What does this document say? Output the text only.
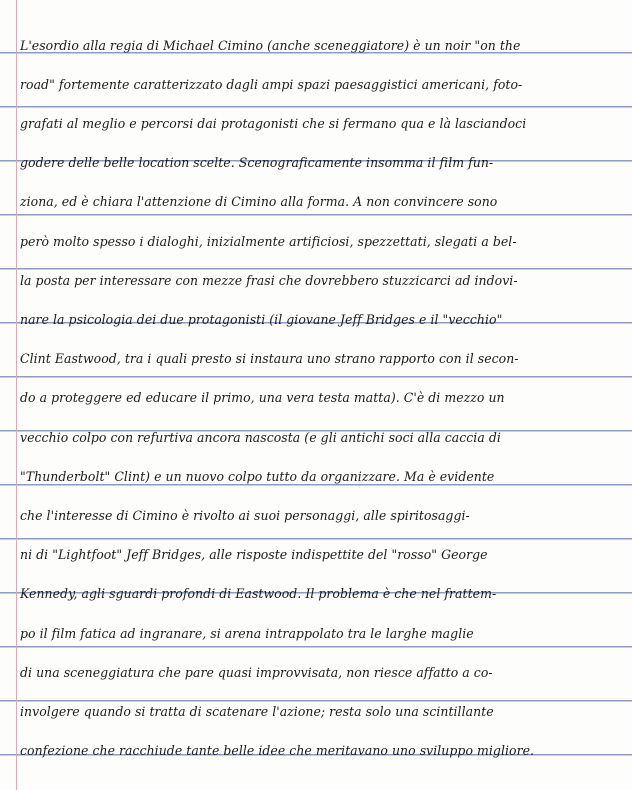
L'esordio alla regia di Michael Cimino (anche sceneggiatore) è un noir "on the
road" fortemente caratterizzato dagli ampi spazi paesaggistici americani, foto-
grafati al meglio e percorsi dai protagonisti che si fermano qua e là lasciandoci
godere delle belle location scelte. Scenograficamente insomma il film fun-
ziona, ed è chiara l'attenzione di Cimino alla forma. A non convincere sono
però molto spesso i dialoghi, inizialmente artificiosi, spezzettati, slegati a bel-
la posta per interessare con mezze frasi che dovrebbero stuzzicarci ad indovi-
nare la psicologia dei due protagonisti (il giovane Jeff Bridges e il "vecchio"
Clint Eastwood, tra i quali presto si instaura uno strano rapporto con il secon-
do a proteggere ed educare il primo, una vera testa matta). C'è di mezzo un
vecchio colpo con refurtiva ancora nascosta (e gli antichi soci alla caccia di
"Thunderbolt" Clint) e un nuovo colpo tutto da organizzare. Ma è evidente
che l'interesse di Cimino è rivolto ai suoi personaggi, alle spiritosaggi-
ni di "Lightfoot" Jeff Bridges, alle risposte indispettite del "rosso" George
Kennedy, agli sguardi profondi di Eastwood. Il problema è che nel frattem-
po il film fatica ad ingranare, si arena intrappolato tra le larghe maglie
di una sceneggiatura che pare quasi improvvisata, non riesce affatto a co-
involgere quando si tratta di scatenare l'azione; resta solo una scintillante
confezione che racchiude tante belle idee che meritavano uno sviluppo migliore.
